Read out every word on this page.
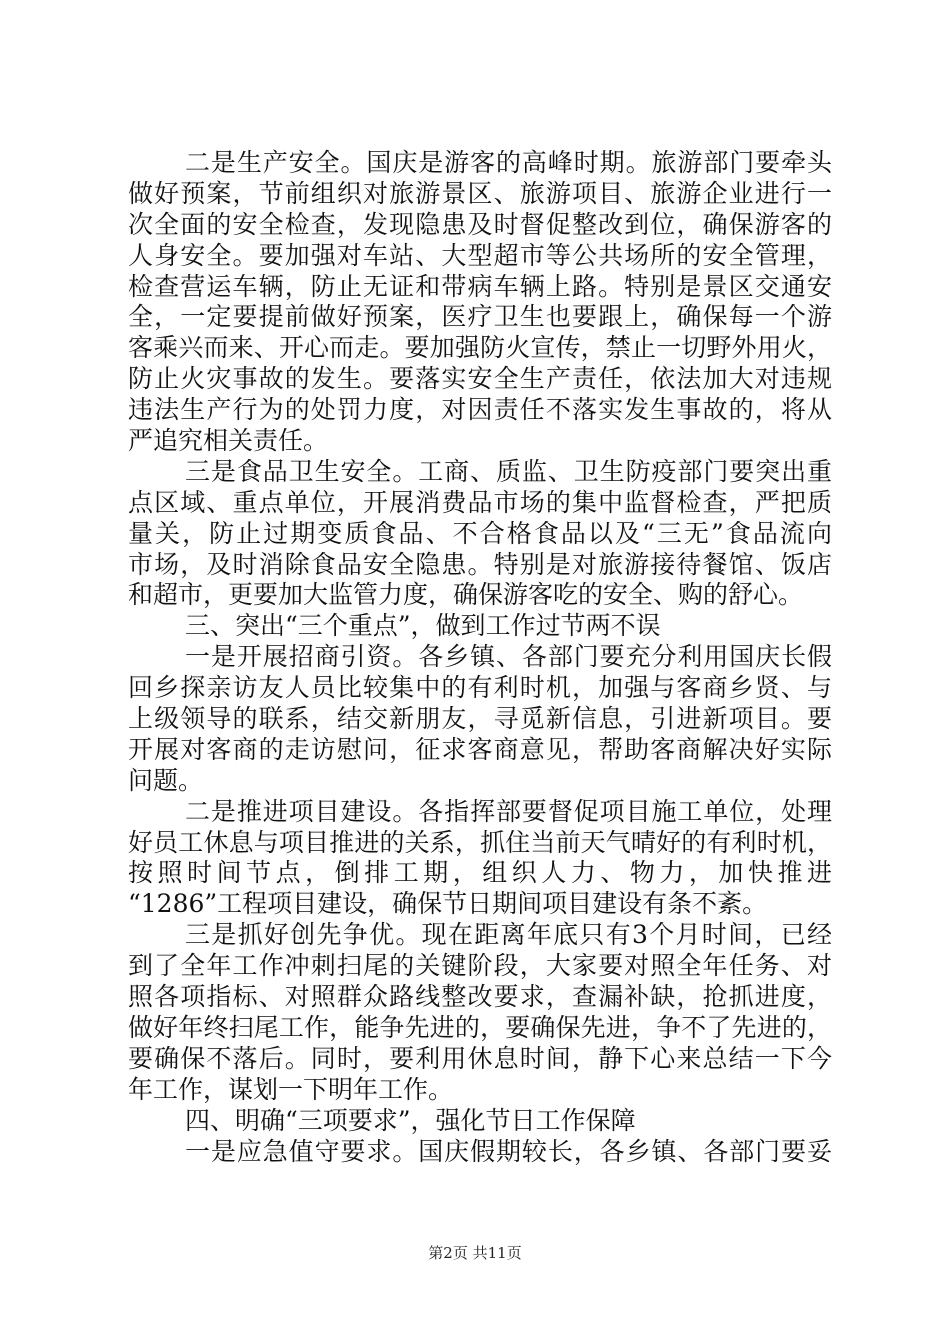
二是生产安全。国庆是游客的高峰时期。旅游部门要牵头
做好预案，节前组织对旅游景区、旅游项目、旅游企业进行一
次全面的安全检查，发现隐患及时督促整改到位，确保游客的
人身安全。要加强对车站、大型超市等公共场所的安全管理，
检查营运车辆，防止无证和带病车辆上路。特别是景区交通安
全，一定要提前做好预案，医疗卫生也要跟上，确保每一个游
客乘兴而来、开心而走。要加强防火宣传，禁止一切野外用火，
防止火灾事故的发生。要落实安全生产责任，依法加大对违规
违法生产行为的处罚力度，对因责任不落实发生事故的，将从
严追究相关责任。
三是食品卫生安全。工商、质监、卫生防疫部门要突出重
点区域、重点单位，开展消费品市场的集中监督检查，严把质
量关，防止过期变质食品、不合格食品以及“三无”食品流向
市场，及时消除食品安全隐患。特别是对旅游接待餐馆、饭店
和超市，更要加大监管力度，确保游客吃的安全、购的舒心。
三、突出“三个重点”，做到工作过节两不误
一是开展招商引资。各乡镇、各部门要充分利用国庆长假
回乡探亲访友人员比较集中的有利时机，加强与客商乡贤、与
上级领导的联系，结交新朋友，寻觅新信息，引进新项目。要
开展对客商的走访慰问，征求客商意见，帮助客商解决好实际
问题。
二是推进项目建设。各指挥部要督促项目施工单位，处理
好员工休息与项目推进的关系，抓住当前天气晴好的有利时机，
按照时间节点，倒排工期，组织人力、物力，加快推进
“1286”工程项目建设，确保节日期间项目建设有条不紊。
三是抓好创先争优。现在距离年底只有3个月时间，已经
到了全年工作冲刺扫尾的关键阶段，大家要对照全年任务、对
照各项指标、对照群众路线整改要求，查漏补缺，抢抓进度，
做好年终扫尾工作，能争先进的，要确保先进，争不了先进的，
要确保不落后。同时，要利用休息时间，静下心来总结一下今
年工作，谋划一下明年工作。
四、明确“三项要求”，强化节日工作保障
一是应急值守要求。国庆假期较长，各乡镇、各部门要妥
第2页 共11页
